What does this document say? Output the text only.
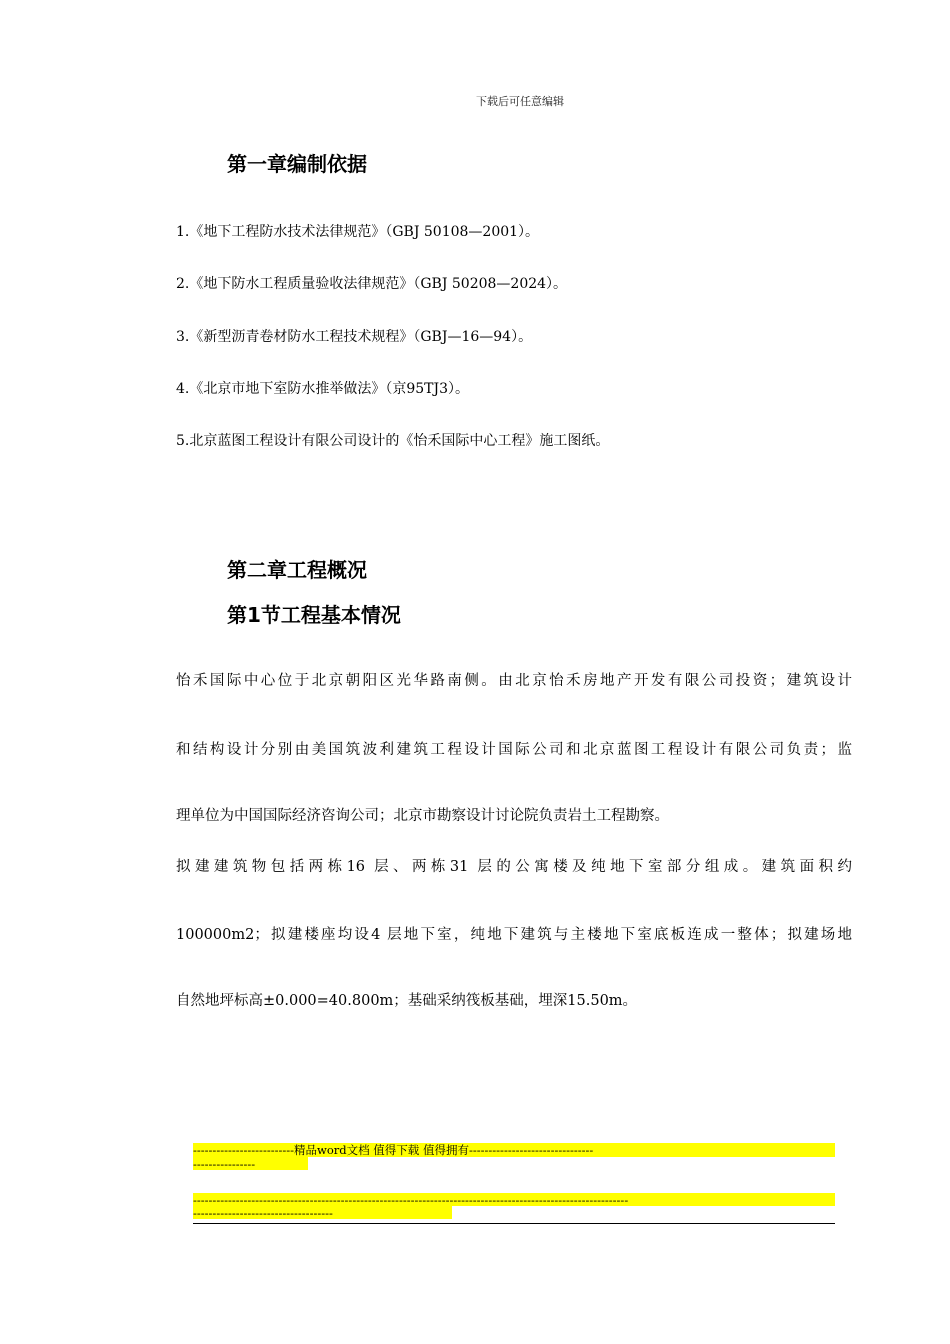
下载后可任意编辑
第一章编制依据
1.《地下工程防水技术法律规范》（GBJ 50108—2001）。
2.《地下防水工程质量验收法律规范》（GBJ 50208—2024）。
3.《新型沥青卷材防水工程技术规程》（GBJ—16—94）。
4.《北京市地下室防水推举做法》（京95TJ3）。
5.北京蓝图工程设计有限公司设计的《怡禾国际中心工程》施工图纸。
第二章工程概况
第1节工程基本情况
怡禾国际中心位于北京朝阳区光华路南侧。由北京怡禾房地产开发有限公司投资；建筑设计
和结构设计分别由美国筑波利建筑工程设计国际公司和北京蓝图工程设计有限公司负责；监
理单位为中国国际经济咨询公司；北京市勘察设计讨论院负责岩土工程勘察。
拟建建筑物包括两栋16 层、两栋31 层的公寓楼及纯地下室部分组成。建筑面积约
100000m2；拟建楼座均设4 层地下室，纯地下建筑与主楼地下室底板连成一整体；拟建场地
自然地坪标高±0.000=40.800m；基础采纳筏板基础，埋深15.50m。
-------------------------- 精品word文档 值得下载 值得拥有 --------------------------------
----------------
----------------------------------------------------------------------------------------------------------------
------------------------------------
